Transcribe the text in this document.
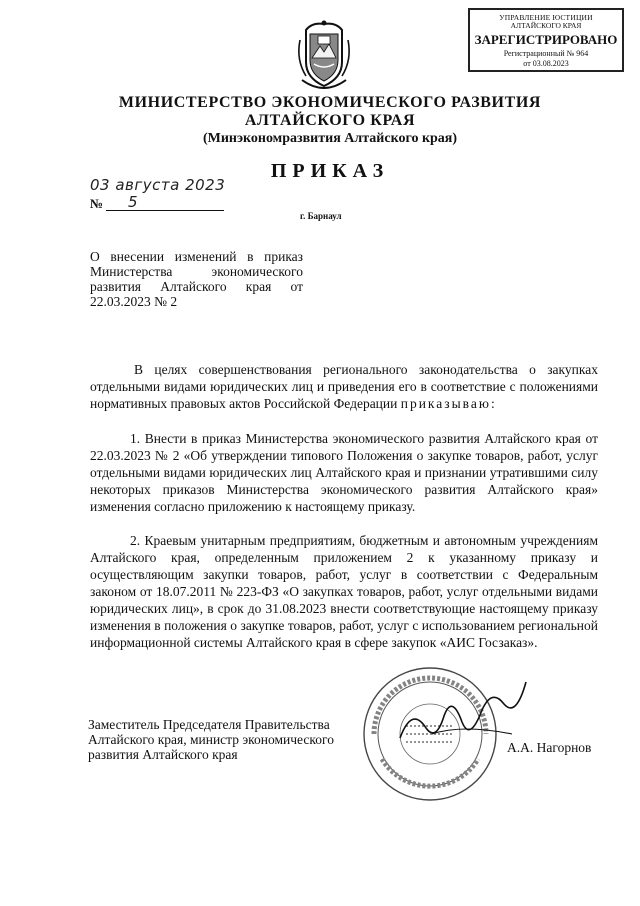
УПРАВЛЕНИЕ ЮСТИЦИИ
АЛТАЙСКОГО КРАЯ
ЗАРЕГИСТРИРОВАНО
Регистрационный № 964
от 03.08.2023
МИНИСТЕРСТВО ЭКОНОМИЧЕСКОГО РАЗВИТИЯ
АЛТАЙСКОГО КРАЯ
(Минэкономразвития Алтайского края)
ПРИКАЗ
03 августа 2023
№ 5
г. Барнаул
О внесении изменений в приказ Министерства экономического развития Алтайского края от 22.03.2023 № 2
В целях совершенствования регионального законодательства о закупках отдельными видами юридических лиц и приведения его в соответствие с положениями нормативных правовых актов Российской Федерации приказываю:
1. Внести в приказ Министерства экономического развития Алтайского края от 22.03.2023 № 2 «Об утверждении типового Положения о закупке товаров, работ, услуг отдельными видами юридических лиц Алтайского края и признании утратившими силу некоторых приказов Министерства экономического развития Алтайского края» изменения согласно приложению к настоящему приказу.
2. Краевым унитарным предприятиям, бюджетным и автономным учреждениям Алтайского края, определенным приложением 2 к указанному приказу и осуществляющим закупки товаров, работ, услуг в соответствии с Федеральным законом от 18.07.2011 № 223-ФЗ «О закупках товаров, работ, услуг отдельными видами юридических лиц», в срок до 31.08.2023 внести соответствующие настоящему приказу изменения в положения о закупке товаров, работ, услуг с использованием региональной информационной системы Алтайского края в сфере закупок «АИС Госзаказ».
Заместитель Председателя Правительства
Алтайского края, министр экономического
развития Алтайского края	А.А. Нагорнов
